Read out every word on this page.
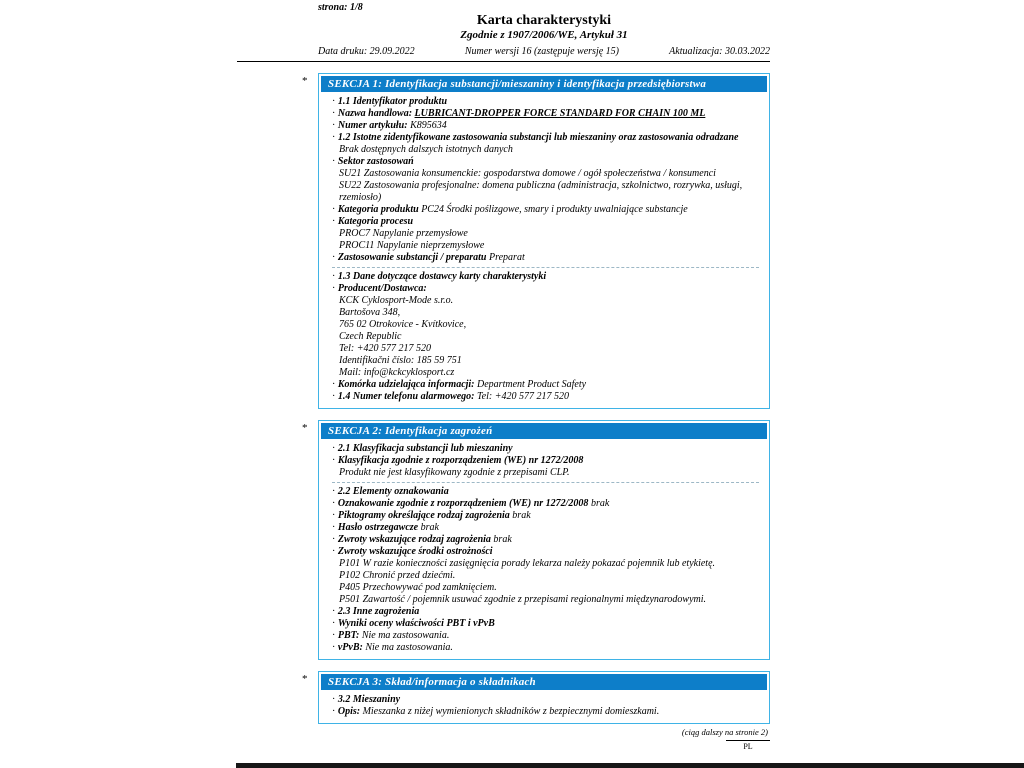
strona: 1/8
Karta charakterystyki
Zgodnie z 1907/2006/WE, Artykuł 31
Data druku: 29.09.2022	Numer wersji 16 (zastępuje wersję 15)	Aktualizacja: 30.03.2022
*	SEKCJA 1: Identyfikacja substancji/mieszaniny i identyfikacja przedsiębiorstwa
· 1.1 Identyfikator produktu
· Nazwa handlowa: LUBRICANT-DROPPER FORCE STANDARD FOR CHAIN 100 ML
· Numer artykułu: K895634
· 1.2 Istotne zidentyfikowane zastosowania substancji lub mieszaniny oraz zastosowania odradzane
Brak dostępnych dalszych istotnych danych
· Sektor zastosowań
SU21 Zastosowania konsumenckie: gospodarstwa domowe / ogół społeczeństwa / konsumenci
SU22 Zastosowania profesjonalne: domena publiczna (administracja, szkolnictwo, rozrywka, usługi,
rzemiosło)
· Kategoria produktu PC24 Środki poślizgowe, smary i produkty uwalniające substancje
· Kategoria procesu
PROC7 Napylanie przemysłowe
PROC11 Napylanie nieprzemysłowe
· Zastosowanie substancji / preparatu Preparat
· 1.3 Dane dotyczące dostawcy karty charakterystyki
· Producent/Dostawca:
KCK Cyklosport-Mode s.r.o.
Bartošova 348,
765 02 Otrokovice - Kvítkovice,
Czech Republic
Tel: +420 577 217 520
Identifikačni číslo: 185 59 751
Mail: info@kckcyklosport.cz
· Komórka udzielająca informacji: Department Product Safety
· 1.4 Numer telefonu alarmowego: Tel: +420 577 217 520
*	SEKCJA 2: Identyfikacja zagrożeń
· 2.1 Klasyfikacja substancji lub mieszaniny
· Klasyfikacja zgodnie z rozporządzeniem (WE) nr 1272/2008
Produkt nie jest klasyfikowany zgodnie z przepisami CLP.
· 2.2 Elementy oznakowania
· Oznakowanie zgodnie z rozporządzeniem (WE) nr 1272/2008 brak
· Piktogramy określające rodzaj zagrożenia brak
· Hasło ostrzegawcze brak
· Zwroty wskazujące rodzaj zagrożenia brak
· Zwroty wskazujące środki ostrożności
P101 W razie konieczności zasięgnięcia porady lekarza należy pokazać pojemnik lub etykietę.
P102 Chronić przed dziećmi.
P405 Przechowywać pod zamknięciem.
P501 Zawartość / pojemnik usuwać zgodnie z przepisami regionalnymi międzynarodowymi.
· 2.3 Inne zagrożenia
· Wyniki oceny właściwości PBT i vPvB
· PBT: Nie ma zastosowania.
· vPvB: Nie ma zastosowania.
*	SEKCJA 3: Skład/informacja o składnikach
· 3.2 Mieszaniny
· Opis: Mieszanka z niżej wymienionych składników z bezpiecznymi domieszkami.
(ciąg dalszy na stronie 2)
PL
